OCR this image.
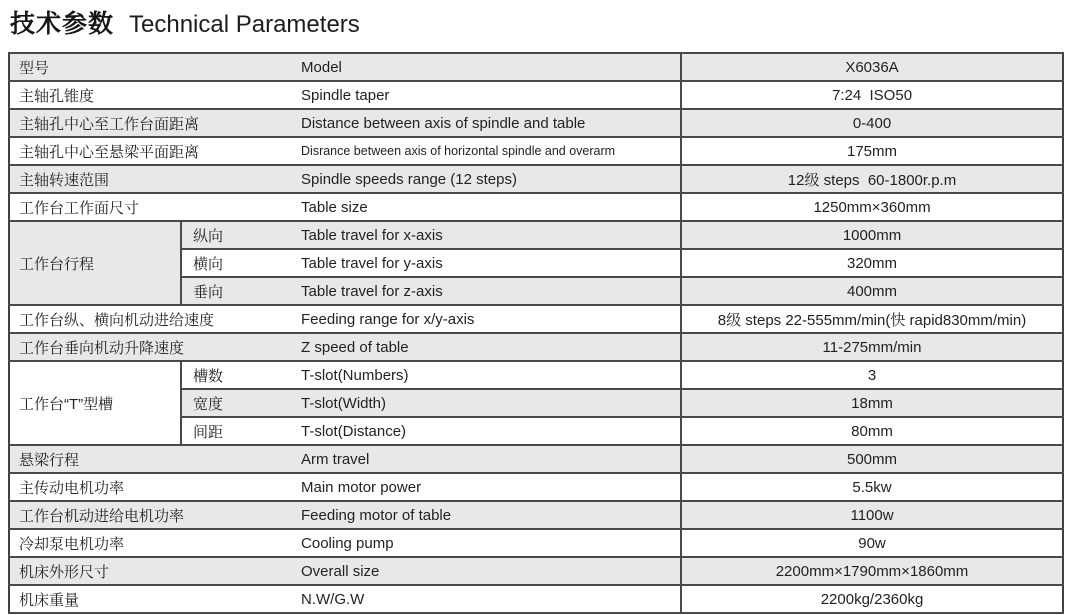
技术参数 Technical Parameters
型号		Model	X6036A
主轴孔锥度		Spindle taper	7:24  ISO50
主轴孔中心至工作台面距离		Distance between axis of spindle and table	0-400
主轴孔中心至悬梁平面距离		Disrance between axis of horizontal spindle and overarm	175mm
主轴转速范围		Spindle speeds range (12 steps)	12级 steps  60-1800r.p.m
工作台工作面尺寸		Table size	1250mm×360mm
工作台行程	纵向	Table travel for x-axis	1000mm
	横向	Table travel for y-axis	320mm
	垂向	Table travel for z-axis	400mm
工作台纵、横向机动进给速度		Feeding range for x/y-axis	8级 steps 22-555mm/min(快 rapid830mm/min)
工作台垂向机动升降速度		Z speed of table	11-275mm/min
工作台“T”型槽	槽数	T-slot(Numbers)	3
	宽度	T-slot(Width)	18mm
	间距	T-slot(Distance)	80mm
悬梁行程		Arm travel	500mm
主传动电机功率		Main motor power	5.5kw
工作台机动进给电机功率		Feeding motor of table	1100w
冷却泵电机功率		Cooling pump	90w
机床外形尺寸		Overall size	2200mm×1790mm×1860mm
机床重量		N.W/G.W	2200kg/2360kg
